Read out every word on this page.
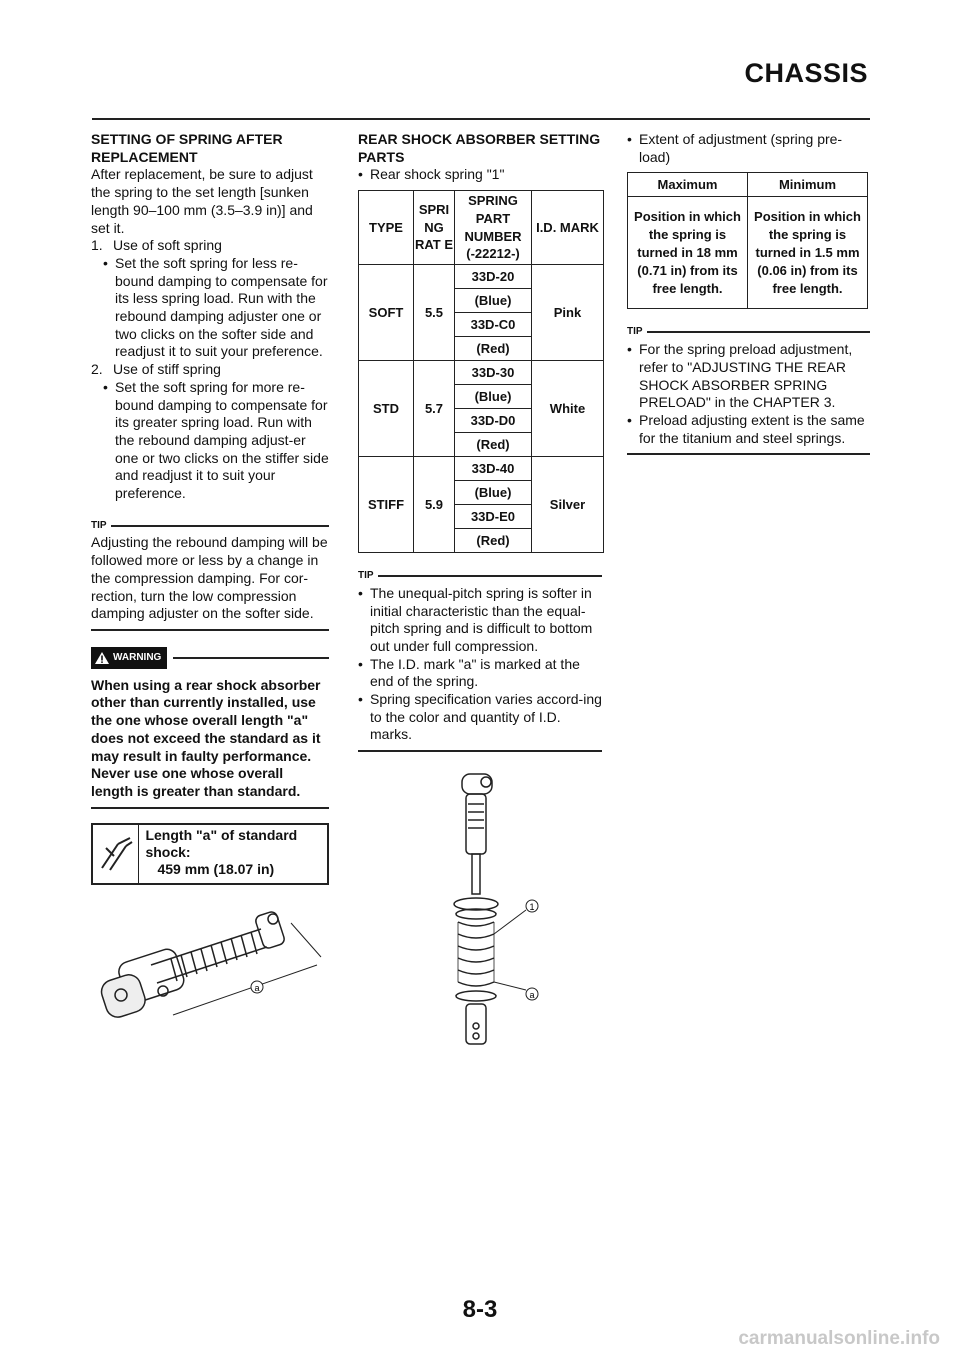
CHASSIS
SETTING OF SPRING AFTER REPLACEMENT

After replacement, be sure to adjust the spring to the set length [sunken length 90–100 mm (3.5–3.9 in)] and set it.

1. Use of soft spring
• Set the soft spring for less re-bound damping to compensate for its less spring load. Run with the rebound damping adjuster one or two clicks on the softer side and readjust it to suit your preference.
2. Use of stiff spring
• Set the soft spring for more re-bound damping to compensate for its greater spring load. Run with the rebound damping adjust-er one or two clicks on the stiffer side and readjust it to suit your preference.
TIP

Adjusting the rebound damping will be followed more or less by a change in the compression damping. For cor-rection, turn the low compression damping adjuster on the softer side.

WARNING

When using a rear shock absorber other than currently installed, use the one whose overall length "a" does not exceed the standard as it may result in faulty performance. Never use one whose overall length is greater than standard.

Length "a" of standard shock:
459 mm (18.07 in)
a
REAR SHOCK ABSORBER SETTING PARTS
• Rear shock spring "1"
TYPE	SPRI NG RAT E	SPRING PART NUMBER (-22212-)	I.D. MARK
SOFT	5.5	33D-20	Pink
		(Blue)	
		33D-C0	
		(Red)	
STD	5.7	33D-30	White
		(Blue)	
		33D-D0	
		(Red)	
STIFF	5.9	33D-40	Silver
		(Blue)	
		33D-E0	
		(Red)	
TIP
• The unequal-pitch spring is softer in initial characteristic than the equal-pitch spring and is difficult to bottom out under full compression.
• The I.D. mark "a" is marked at the end of the spring.
• Spring specification varies accord-ing to the color and quantity of I.D. marks.
1
a
• Extent of adjustment (spring pre-load)
Maximum	Minimum
Position in which the spring is turned in 18 mm (0.71 in) from its free length.	Position in which the spring is turned in 1.5 mm (0.06 in) from its free length.
TIP
• For the spring preload adjustment, refer to "ADJUSTING THE REAR SHOCK ABSORBER SPRING PRELOAD" in the CHAPTER 3.
• Preload adjusting extent is the same for the titanium and steel springs.
8-3
carmanualsonline.info
